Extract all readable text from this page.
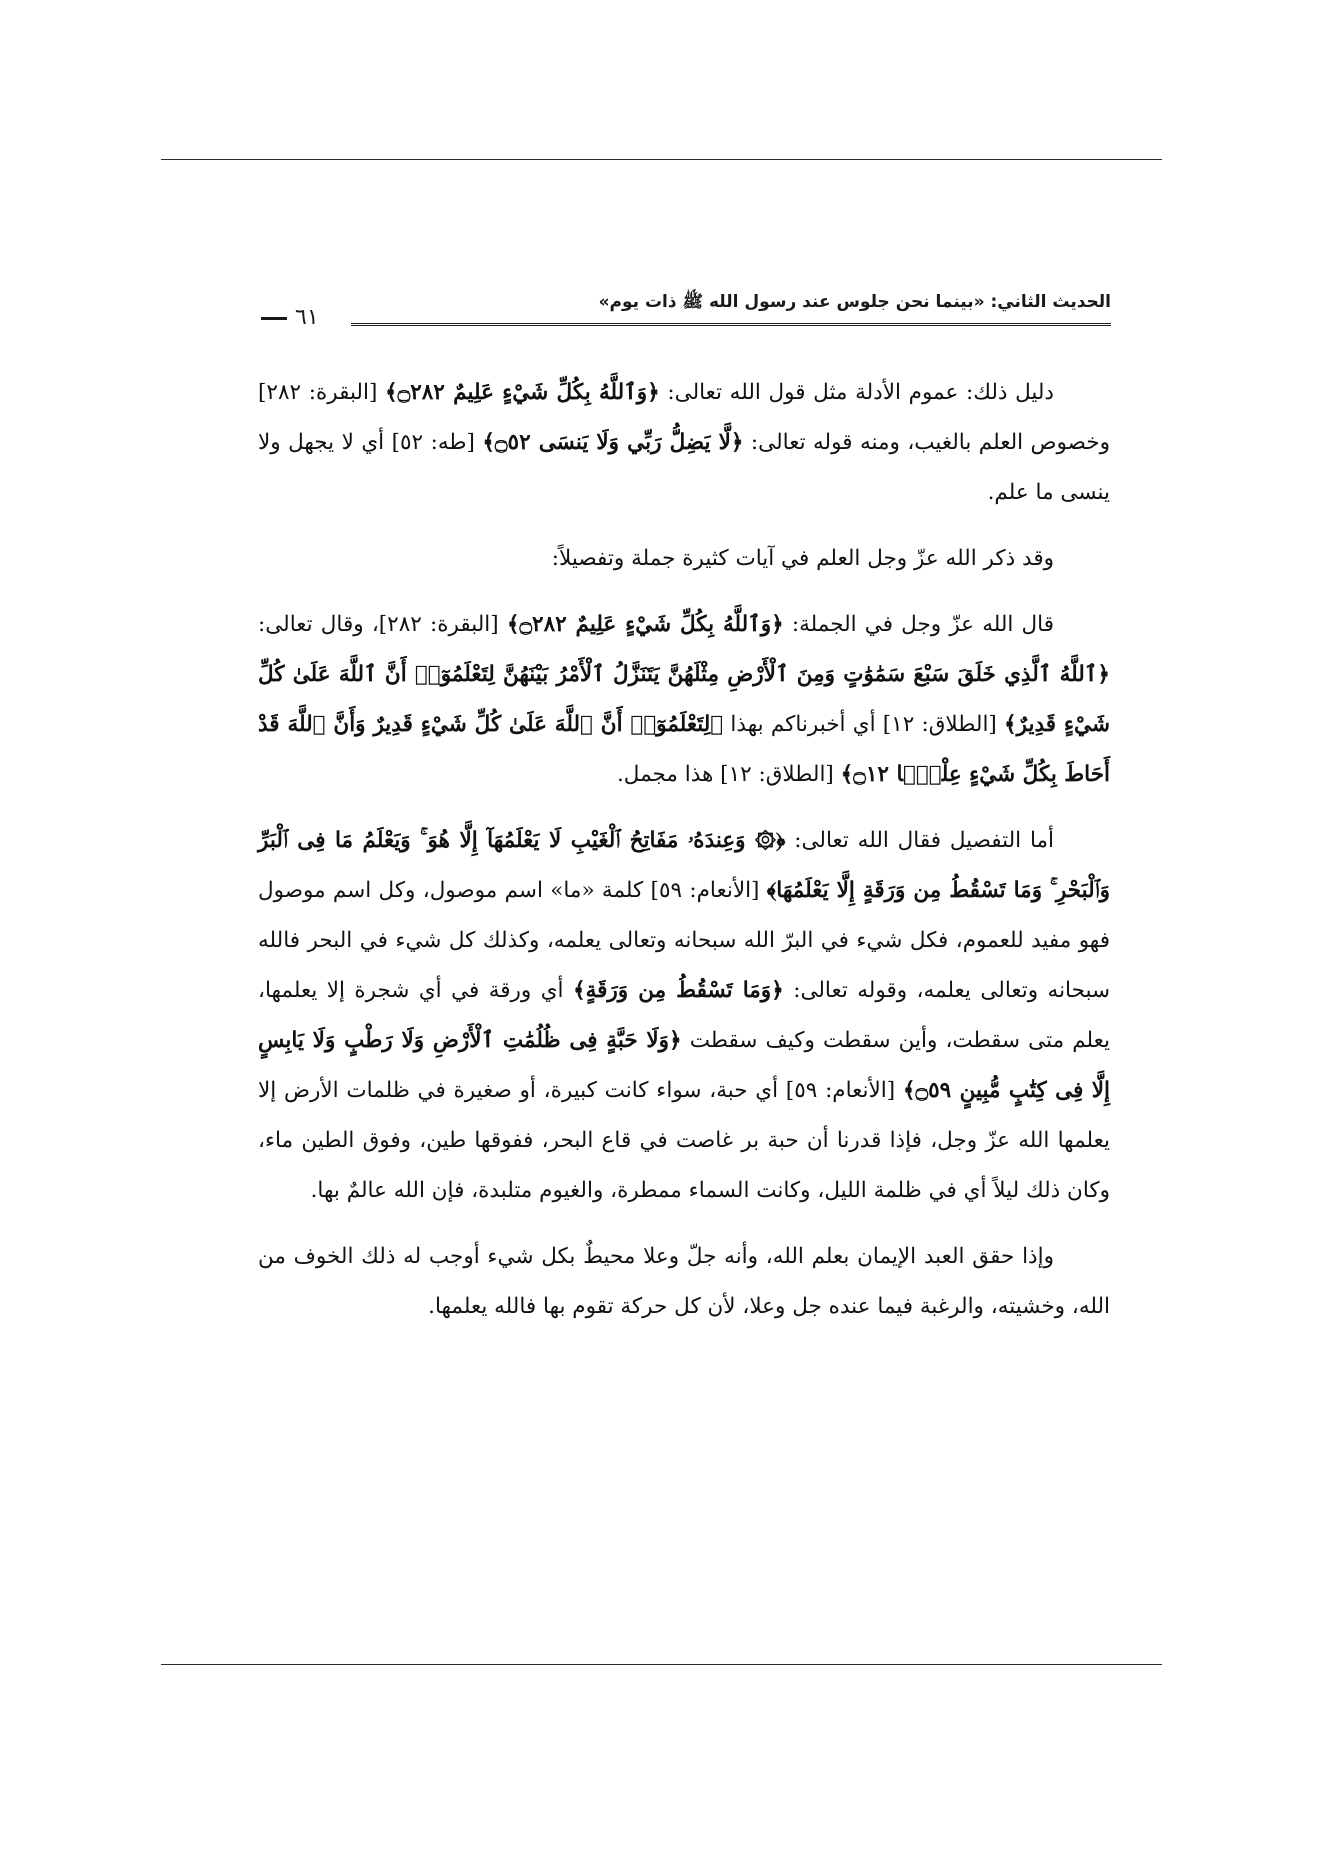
الحديث الثاني: «بينما نحن جلوس عند رسول الله ﷺ ذات يوم»
٦١

دليل ذلك: عموم الأدلة مثل قول الله تعالى: ﴿وَٱللَّهُ بِكُلِّ شَيْءٍ عَلِيمٌ ۝٢٨٢﴾ [البقرة: ٢٨٢] وخصوص العلم بالغيب، ومنه قوله تعالى: ﴿لَّا يَضِلُّ رَبِّي وَلَا يَنسَى ۝٥٢﴾ [طه: ٥٢] أي لا يجهل ولا ينسى ما علم.

وقد ذكر الله عزّ وجل العلم في آيات كثيرة جملة وتفصيلاً:

قال الله عزّ وجل في الجملة: ﴿وَٱللَّهُ بِكُلِّ شَيْءٍ عَلِيمٌ ۝٢٨٢﴾ [البقرة: ٢٨٢]، وقال تعالى: ﴿ٱللَّهُ ٱلَّذِي خَلَقَ سَبْعَ سَمَٰوَٰتٍ وَمِنَ ٱلْأَرْضِ مِثْلَهُنَّ يَتَنَزَّلُ ٱلْأَمْرُ بَيْنَهُنَّ لِتَعْلَمُوٓا۟ أَنَّ ٱللَّهَ عَلَىٰ كُلِّ شَيْءٍ قَدِيرٌ﴾ [الطلاق: ١٢] أي أخبرناكم بهذا ﴿لِتَعْلَمُوٓا۟ أَنَّ ٱللَّهَ عَلَىٰ كُلِّ شَيْءٍ قَدِيرٌ وَأَنَّ ٱللَّهَ قَدْ أَحَاطَ بِكُلِّ شَيْءٍ عِلْمًۢا ۝١٢﴾ [الطلاق: ١٢] هذا مجمل.

أما التفصيل فقال الله تعالى: ﴿۞ وَعِندَهُۥ مَفَاتِحُ ٱلْغَيْبِ لَا يَعْلَمُهَآ إِلَّا هُوَ ۚ وَيَعْلَمُ مَا فِى ٱلْبَرِّ وَٱلْبَحْرِ ۚ وَمَا تَسْقُطُ مِن وَرَقَةٍ إِلَّا يَعْلَمُهَا﴾ [الأنعام: ٥٩] كلمة «ما» اسم موصول، وكل اسم موصول فهو مفيد للعموم، فكل شيء في البرّ الله سبحانه وتعالى يعلمه، وكذلك كل شيء في البحر فالله سبحانه وتعالى يعلمه، وقوله تعالى: ﴿وَمَا تَسْقُطُ مِن وَرَقَةٍ﴾ أي ورقة في أي شجرة إلا يعلمها، يعلم متى سقطت، وأين سقطت وكيف سقطت ﴿وَلَا حَبَّةٍ فِى ظُلُمَٰتِ ٱلْأَرْضِ وَلَا رَطْبٍ وَلَا يَابِسٍ إِلَّا فِى كِتَٰبٍ مُّبِينٍ ۝٥٩﴾ [الأنعام: ٥٩] أي حبة، سواء كانت كبيرة، أو صغيرة في ظلمات الأرض إلا يعلمها الله عزّ وجل، فإذا قدرنا أن حبة بر غاصت في قاع البحر، ففوقها طين، وفوق الطين ماء، وكان ذلك ليلاً أي في ظلمة الليل، وكانت السماء ممطرة، والغيوم متلبدة، فإن الله عالمٌ بها.

وإذا حقق العبد الإيمان بعلم الله، وأنه جلّ وعلا محيطٌ بكل شيء أوجب له ذلك الخوف من الله، وخشيته، والرغبة فيما عنده جل وعلا، لأن كل حركة تقوم بها فالله يعلمها.
